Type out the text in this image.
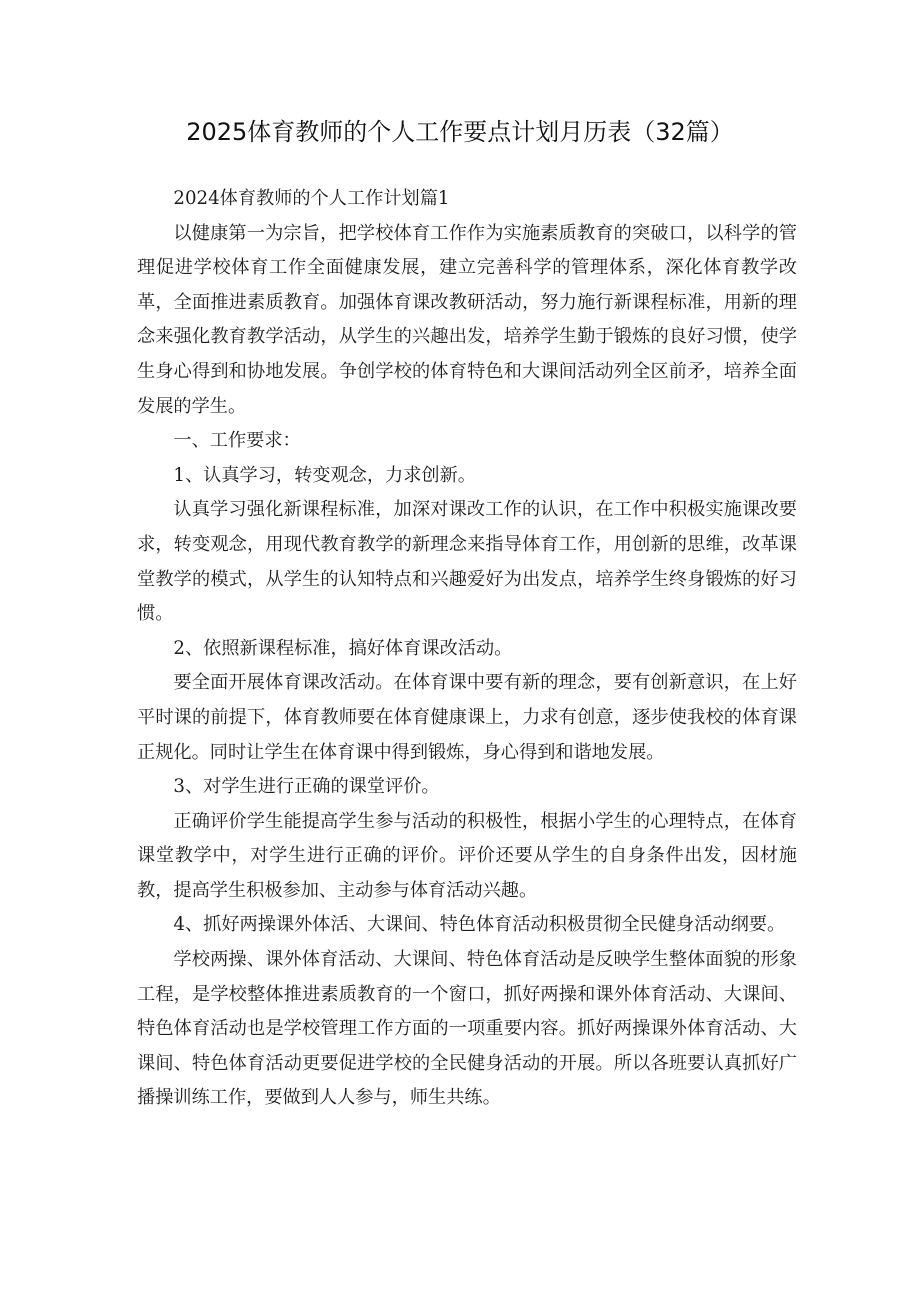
2025体育教师的个人工作要点计划月历表（32篇）

2024体育教师的个人工作计划篇1

以健康第一为宗旨，把学校体育工作作为实施素质教育的突破口，以科学的管理促进学校体育工作全面健康发展，建立完善科学的管理体系，深化体育教学改革，全面推进素质教育。加强体育课改教研活动，努力施行新课程标准，用新的理念来强化教育教学活动，从学生的兴趣出发，培养学生勤于锻炼的良好习惯，使学生身心得到和协地发展。争创学校的体育特色和大课间活动列全区前矛，培养全面发展的学生。

一、工作要求：

1、认真学习，转变观念，力求创新。

认真学习强化新课程标准，加深对课改工作的认识，在工作中积极实施课改要求，转变观念，用现代教育教学的新理念来指导体育工作，用创新的思维，改革课堂教学的模式，从学生的认知特点和兴趣爱好为出发点，培养学生终身锻炼的好习惯。

2、依照新课程标准，搞好体育课改活动。

要全面开展体育课改活动。在体育课中要有新的理念，要有创新意识，在上好平时课的前提下，体育教师要在体育健康课上，力求有创意，逐步使我校的体育课正规化。同时让学生在体育课中得到锻炼，身心得到和谐地发展。

3、对学生进行正确的课堂评价。

正确评价学生能提高学生参与活动的积极性，根据小学生的心理特点，在体育课堂教学中，对学生进行正确的评价。评价还要从学生的自身条件出发，因材施教，提高学生积极参加、主动参与体育活动兴趣。

4、抓好两操课外体活、大课间、特色体育活动积极贯彻全民健身活动纲要。

学校两操、课外体育活动、大课间、特色体育活动是反映学生整体面貌的形象工程，是学校整体推进素质教育的一个窗口，抓好两操和课外体育活动、大课间、特色体育活动也是学校管理工作方面的一项重要内容。抓好两操课外体育活动、大课间、特色体育活动更要促进学校的全民健身活动的开展。所以各班要认真抓好广播操训练工作，要做到人人参与，师生共练。
